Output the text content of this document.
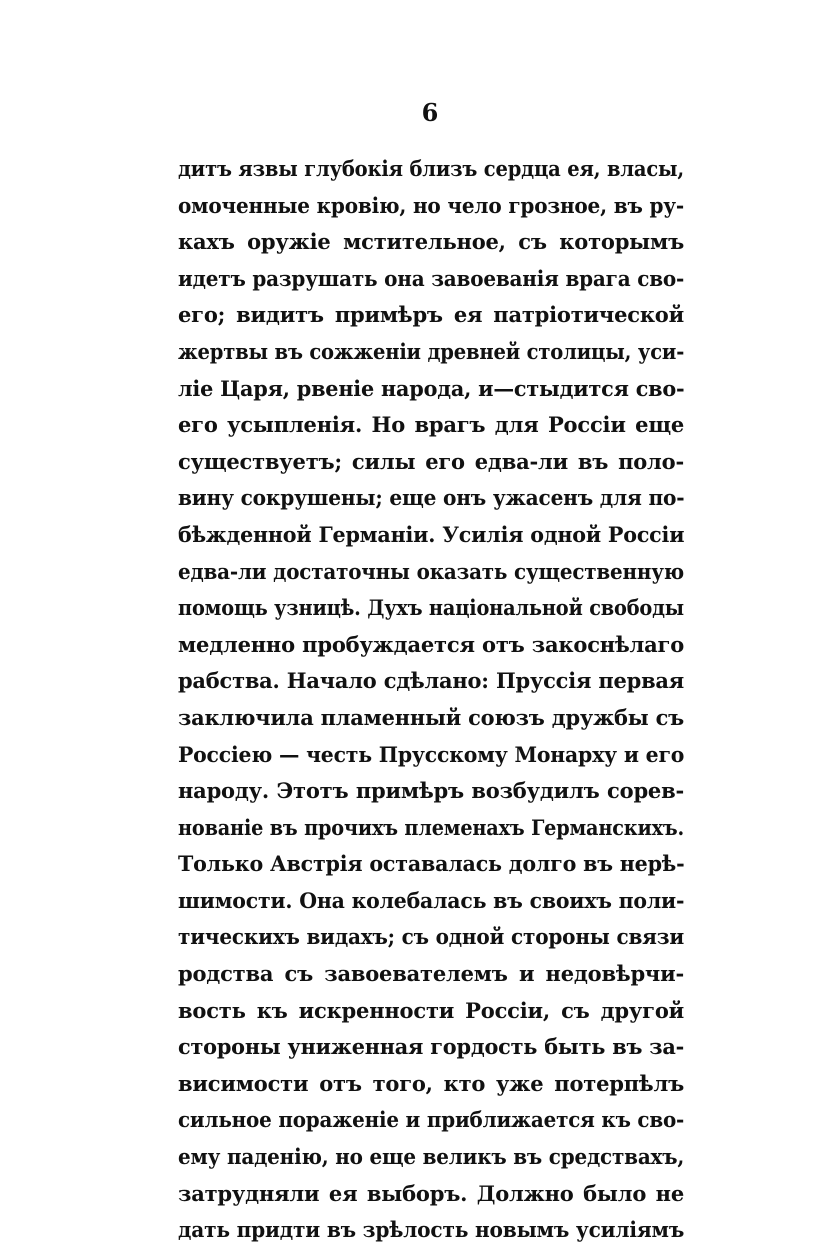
6
дитъ язвы глубокія близъ сердца ея, власы,
омоченные кровію, но чело грозное, въ ру-
кахъ оружіе мстительное, съ которымъ
идетъ разрушать она завоеванія врага сво-
его; видитъ примѣръ ея патріотической
жертвы въ сожженіи древней столицы, уси-
ліе Царя, рвеніе народа, и—стыдится сво-
его усыпленія. Но врагъ для Россіи еще
существуетъ; силы его едва-ли въ поло-
вину сокрушены; еще онъ ужасенъ для по-
бѣжденной Германіи. Усилія одной Россіи
едва-ли достаточны оказать существенную
помощь узницѣ. Духъ національной свободы
медленно пробуждается отъ закоснѣлаго
рабства. Начало сдѣлано: Пруссія первая
заключила пламенный союзъ дружбы съ
Россіею — честь Прусскому Монарху и его
народу. Этотъ примѣръ возбудилъ сорев-
нованіе въ прочихъ племенахъ Германскихъ.
Только Австрія оставалась долго въ нерѣ-
шимости. Она колебалась въ своихъ поли-
тическихъ видахъ; съ одной стороны связи
родства съ завоевателемъ и недовѣрчи-
вость къ искренности Россіи, съ другой
стороны униженная гордость быть въ за-
висимости отъ того, кто уже потерпѣлъ
сильное пораженіе и приближается къ сво-
ему паденію, но еще великъ въ средствахъ,
затрудняли ея выборъ. Должно было не
дать придти въ зрѣлость новымъ усиліямъ
